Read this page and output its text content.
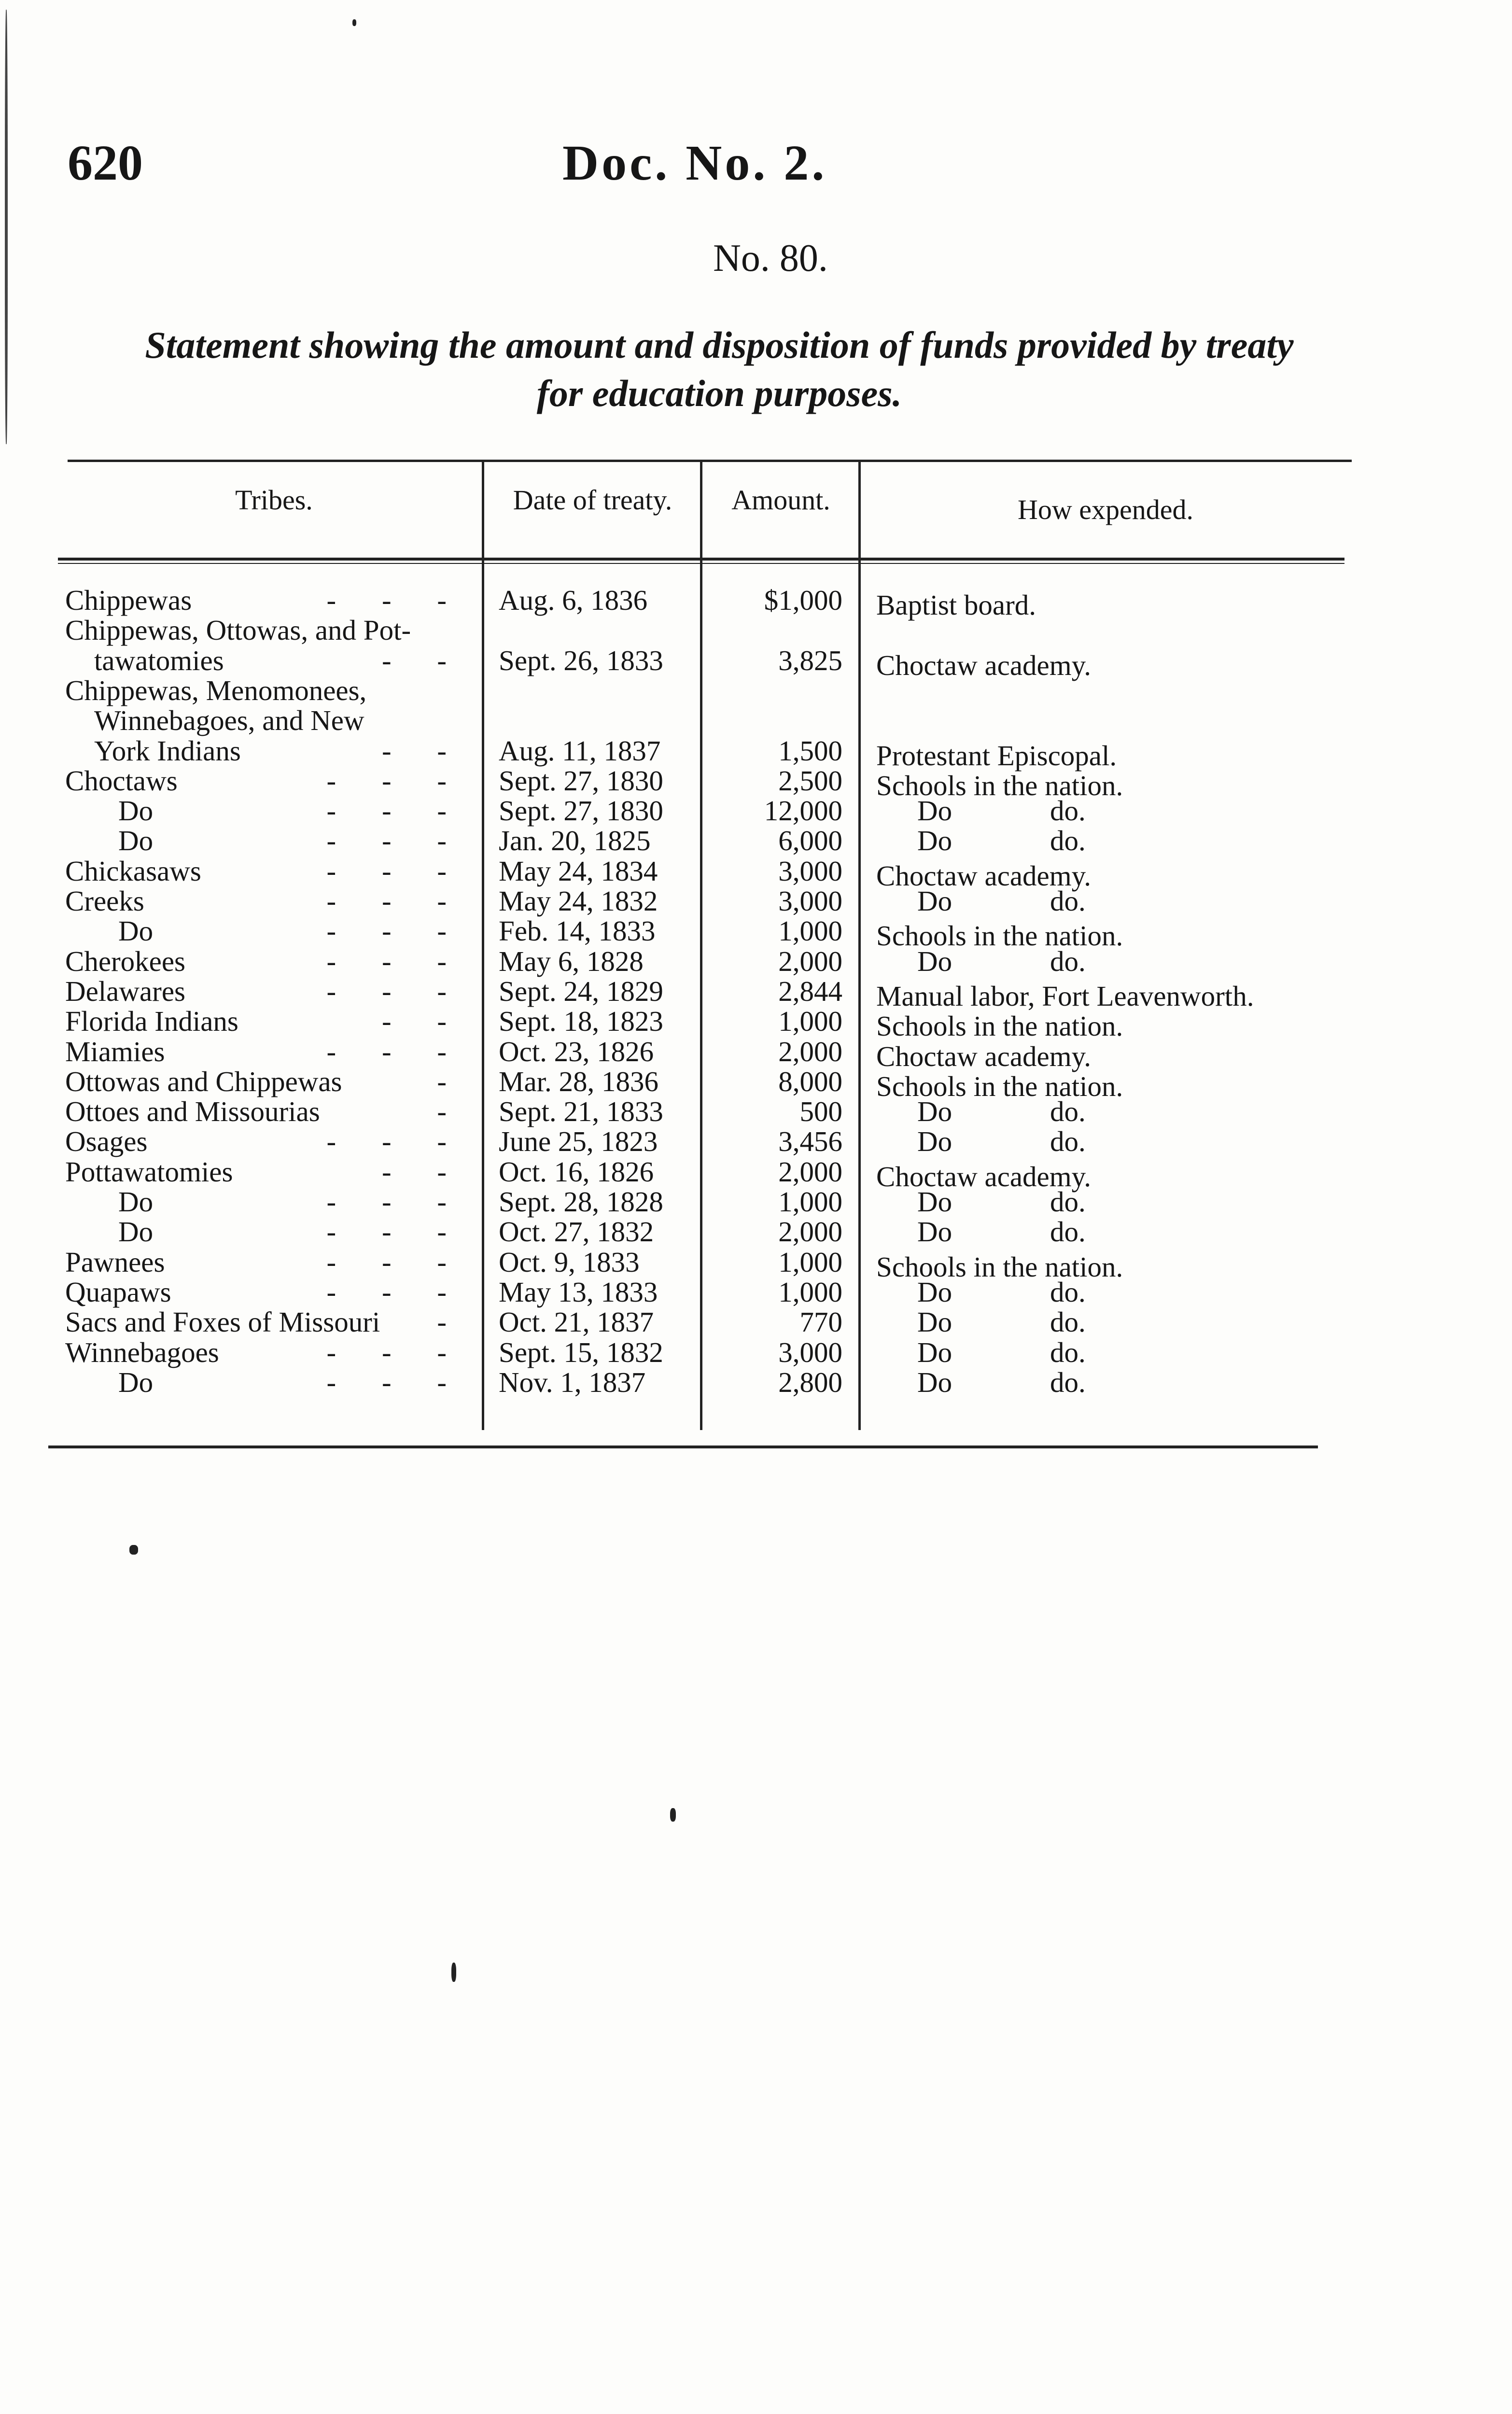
620	Doc. No. 2.
No. 80.
Statement showing the amount and disposition of funds provided by treaty
for education purposes.
Tribes.	Date of treaty.	Amount.	How expended.
Chippewas	- - - Aug. 6, 1836	$1,000 Baptist board.
Chippewas, Ottowas, and Pot-
tawatomies	- - Sept. 26, 1833	3,825 Choctaw academy.
Chippewas, Menomonees,
Winnebagoes, and New
York Indians	- - Aug. 11, 1837	1,500 Protestant Episcopal.
Choctaws	- - - Sept. 27, 1830	2,500 Schools in the nation.
Do	- - - Sept. 27, 1830	12,000	Do	do.
Do	- - - Jan. 20, 1825	6,000	Do	do.
Chickasaws	- - - May 24, 1834	3,000 Choctaw academy.
Creeks	- - - May 24, 1832	3,000	Do	do.
Do	- - - Feb. 14, 1833	1,000 Schools in the nation.
Cherokees	- - - May 6, 1828	2,000	Do	do.
Delawares	- - - Sept. 24, 1829	2,844 Manual labor, Fort Leavenworth.
Florida Indians	- - Sept. 18, 1823	1,000 Schools in the nation.
Miamies	- - - Oct. 23, 1826	2,000 Choctaw academy.
Ottowas and Chippewas	- Mar. 28, 1836	8,000 Schools in the nation.
Ottoes and Missourias	- Sept. 21, 1833	500	Do	do.
Osages	- - - June 25, 1823	3,456	Do	do.
Pottawatomies	- - Oct. 16, 1826	2,000 Choctaw academy.
Do	- - - Sept. 28, 1828	1,000	Do	do.
Do	- - - Oct. 27, 1832	2,000	Do	do.
Pawnees	- - - Oct. 9, 1833	1,000 Schools in the nation.
Quapaws	- - - May 13, 1833	1,000	Do	do.
Sacs and Foxes of Missouri - Oct. 21, 1837	770	Do	do.
Winnebagoes	- - - Sept. 15, 1832	3,000	Do	do.
Do	- - - Nov. 1, 1837	2,800	Do	do.
